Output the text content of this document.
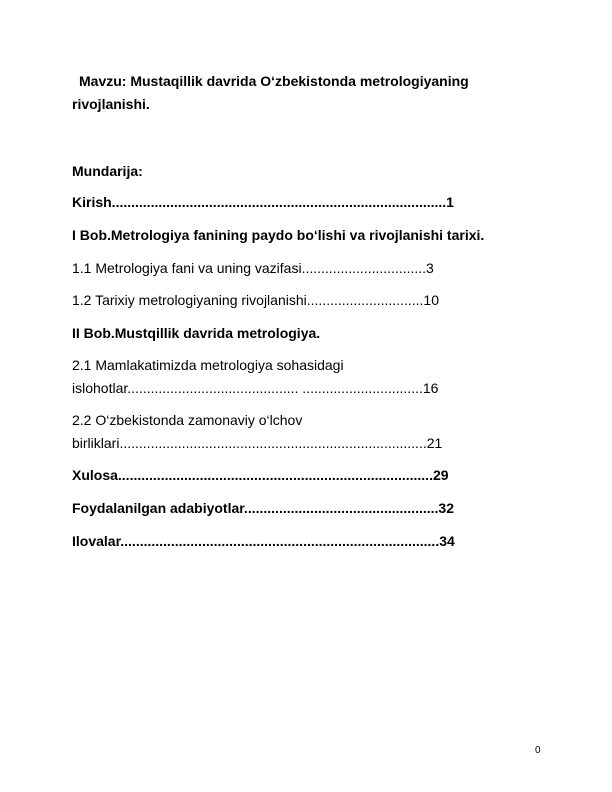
Mavzu: Mustaqillik davrida O‘zbekistonda metrologiyaning
rivojlanishi.
Mundarija:
Kirish......................................................................................1
I Bob.Metrologiya fanining paydo bo‘lishi va rivojlanishi tarixi.
1.1 Metrologiya fani va uning vazifasi................................3
1.2 Tarixiy metrologiyaning rivojlanishi..............................10
II Bob.Mustqillik davrida metrologiya.
2.1 Mamlakatimizda metrologiya sohasidagi
islohotlar............................................ ...............................16
2.2 O‘zbekistonda zamonaviy o‘lchov
birliklari...............................................................................21
Xulosa.................................................................................29
Foydalanilgan adabiyotlar..................................................32
Ilovalar..................................................................................34
0
